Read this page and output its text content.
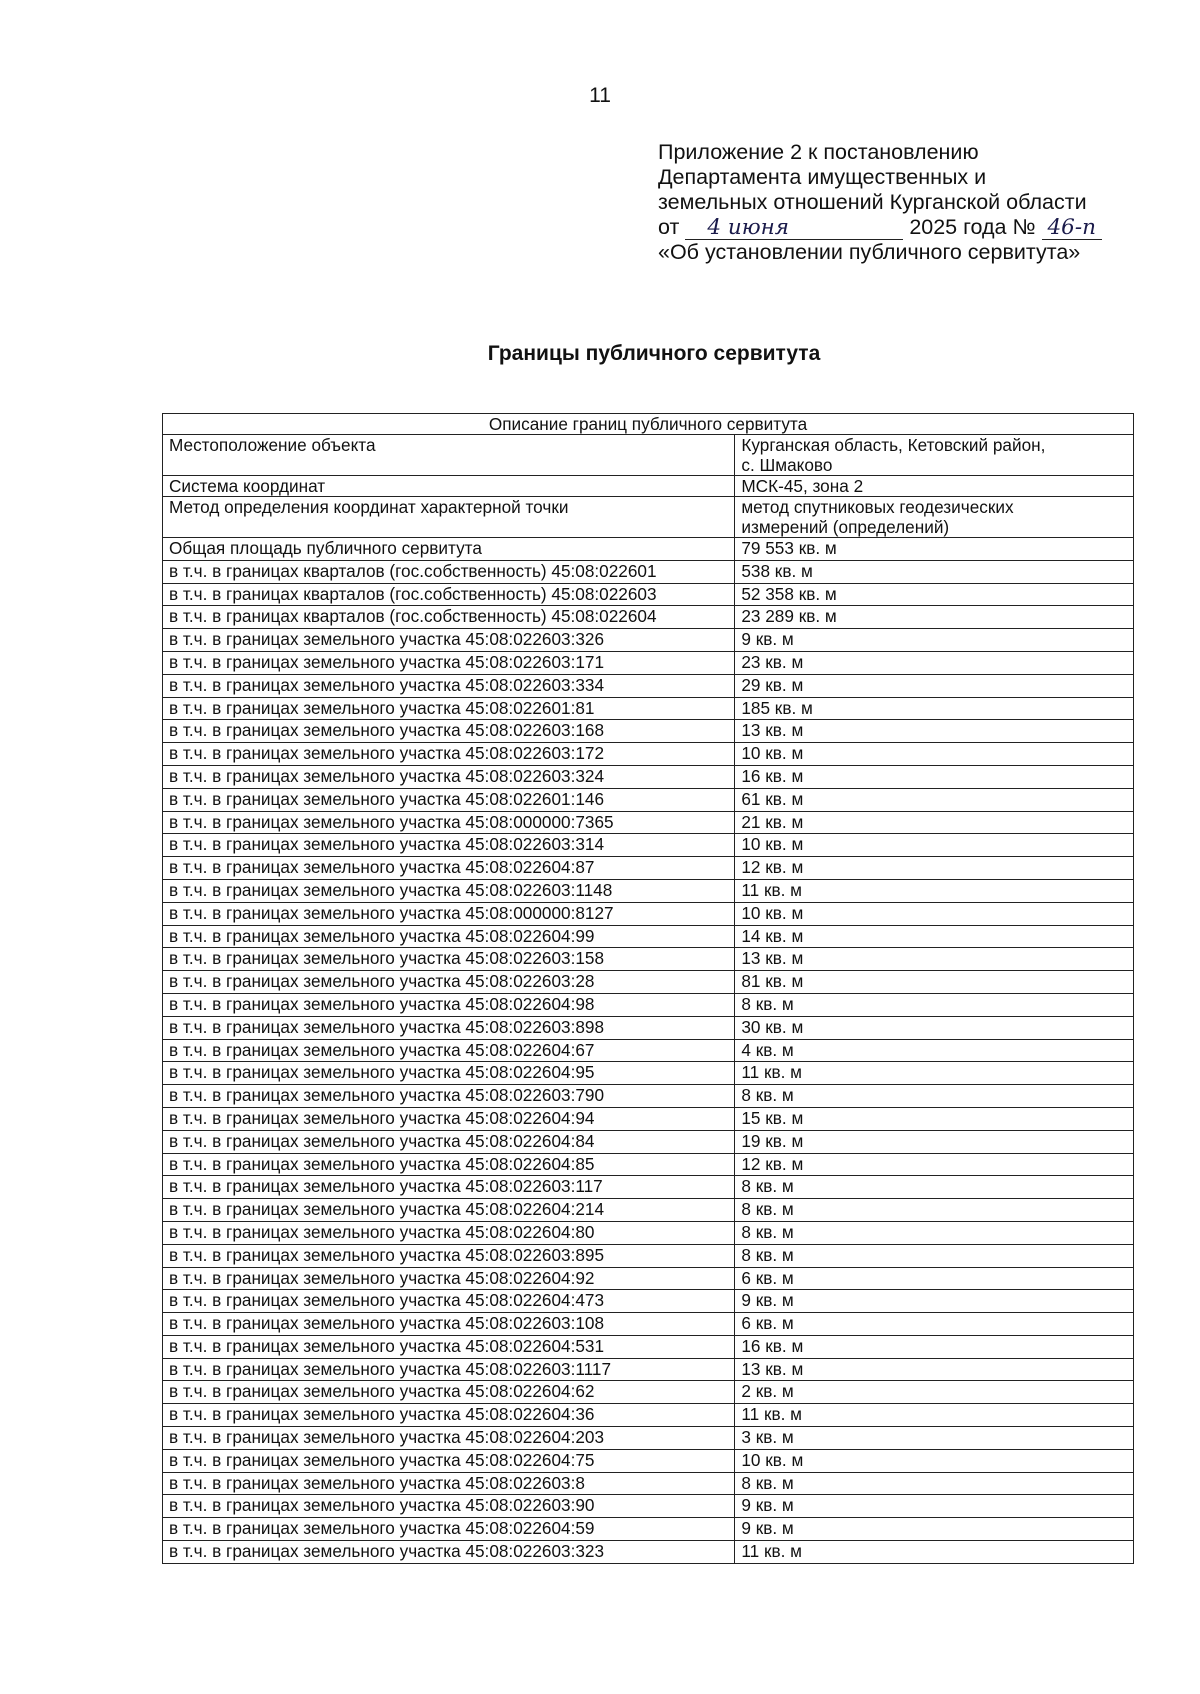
11
Приложение 2 к постановлению
Департамента имущественных и
земельных отношений Курганской области
от 4 июня	2025 года № 46-п
«Об установлении публичного сервитута»
Границы публичного сервитута
Описание границ публичного сервитута	
Местоположение объекта	Курганская область, Кетовский район,
с. Шмаково

Система координат	МСК-45, зона 2
Метод определения координат характерной точки	метод спутниковых геодезических
измерений (определений)

Общая площадь публичного сервитута	79 553 кв. м
в т.ч. в границах кварталов (гос.собственность) 45:08:022601	538 кв. м
в т.ч. в границах кварталов (гос.собственность) 45:08:022603	52 358 кв. м
в т.ч. в границах кварталов (гос.собственность) 45:08:022604	23 289 кв. м
в т.ч. в границах земельного участка 45:08:022603:326	9 кв. м
в т.ч. в границах земельного участка 45:08:022603:171	23 кв. м
в т.ч. в границах земельного участка 45:08:022603:334	29 кв. м
в т.ч. в границах земельного участка 45:08:022601:81	185 кв. м
в т.ч. в границах земельного участка 45:08:022603:168	13 кв. м
в т.ч. в границах земельного участка 45:08:022603:172	10 кв. м
в т.ч. в границах земельного участка 45:08:022603:324	16 кв. м
в т.ч. в границах земельного участка 45:08:022601:146	61 кв. м
в т.ч. в границах земельного участка 45:08:000000:7365	21 кв. м
в т.ч. в границах земельного участка 45:08:022603:314	10 кв. м
в т.ч. в границах земельного участка 45:08:022604:87	12 кв. м
в т.ч. в границах земельного участка 45:08:022603:1148	11 кв. м
в т.ч. в границах земельного участка 45:08:000000:8127	10 кв. м
в т.ч. в границах земельного участка 45:08:022604:99	14 кв. м
в т.ч. в границах земельного участка 45:08:022603:158	13 кв. м
в т.ч. в границах земельного участка 45:08:022603:28	81 кв. м
в т.ч. в границах земельного участка 45:08:022604:98	8 кв. м
в т.ч. в границах земельного участка 45:08:022603:898	30 кв. м
в т.ч. в границах земельного участка 45:08:022604:67	4 кв. м
в т.ч. в границах земельного участка 45:08:022604:95	11 кв. м
в т.ч. в границах земельного участка 45:08:022603:790	8 кв. м
в т.ч. в границах земельного участка 45:08:022604:94	15 кв. м
в т.ч. в границах земельного участка 45:08:022604:84	19 кв. м
в т.ч. в границах земельного участка 45:08:022604:85	12 кв. м
в т.ч. в границах земельного участка 45:08:022603:117	8 кв. м
в т.ч. в границах земельного участка 45:08:022604:214	8 кв. м
в т.ч. в границах земельного участка 45:08:022604:80	8 кв. м
в т.ч. в границах земельного участка 45:08:022603:895	8 кв. м
в т.ч. в границах земельного участка 45:08:022604:92	6 кв. м
в т.ч. в границах земельного участка 45:08:022604:473	9 кв. м
в т.ч. в границах земельного участка 45:08:022603:108	6 кв. м
в т.ч. в границах земельного участка 45:08:022604:531	16 кв. м
в т.ч. в границах земельного участка 45:08:022603:1117	13 кв. м
в т.ч. в границах земельного участка 45:08:022604:62	2 кв. м
в т.ч. в границах земельного участка 45:08:022604:36	11 кв. м
в т.ч. в границах земельного участка 45:08:022604:203	3 кв. м
в т.ч. в границах земельного участка 45:08:022604:75	10 кв. м
в т.ч. в границах земельного участка 45:08:022603:8	8 кв. м
в т.ч. в границах земельного участка 45:08:022603:90	9 кв. м
в т.ч. в границах земельного участка 45:08:022604:59	9 кв. м
в т.ч. в границах земельного участка 45:08:022603:323	11 кв. м
